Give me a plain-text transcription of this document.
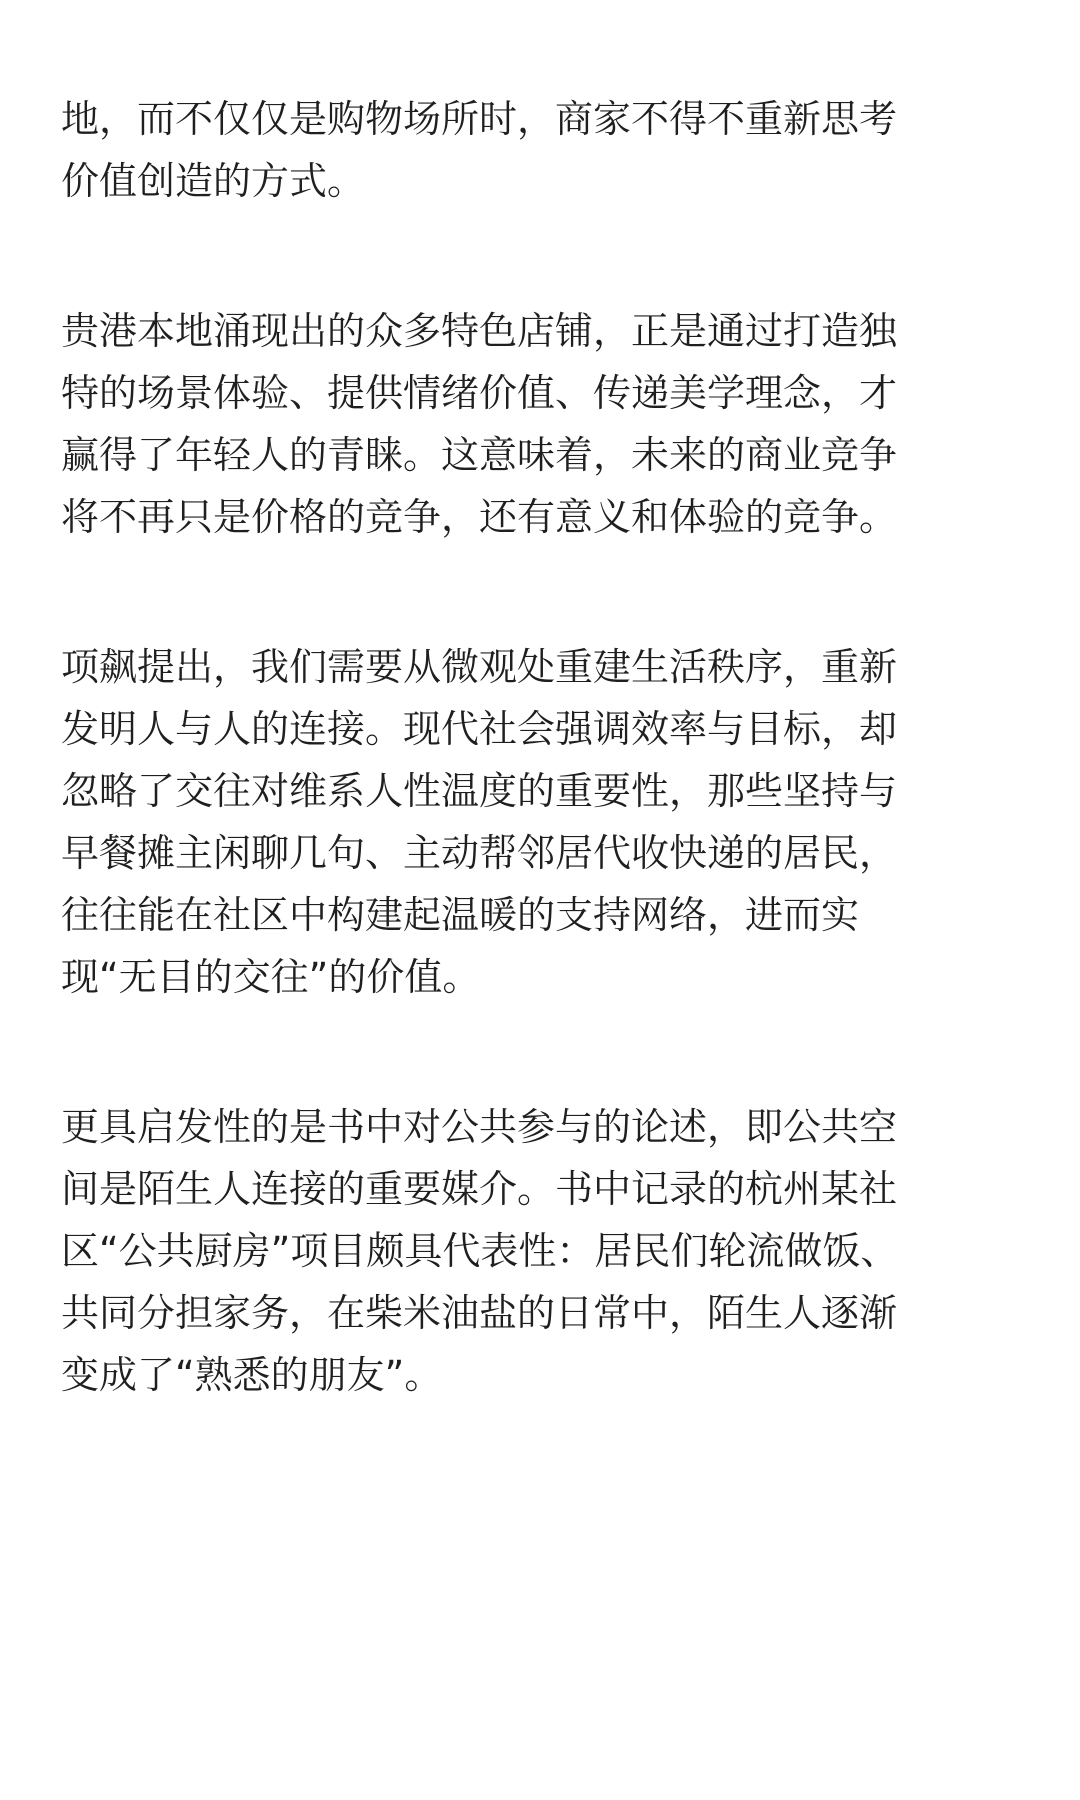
地，而不仅仅是购物场所时，商家不得不重新思考
价值创造的方式。
贵港本地涌现出的众多特色店铺，正是通过打造独
特的场景体验、提供情绪价值、传递美学理念，才
赢得了年轻人的青睐。这意味着，未来的商业竞争
将不再只是价格的竞争，还有意义和体验的竞争。
项飙提出，我们需要从微观处重建生活秩序，重新
发明人与人的连接。现代社会强调效率与目标，却
忽略了交往对维系人性温度的重要性，那些坚持与
早餐摊主闲聊几句、主动帮邻居代收快递的居民，
往往能在社区中构建起温暖的支持网络，进而实
现“无目的交往”的价值。
更具启发性的是书中对公共参与的论述，即公共空
间是陌生人连接的重要媒介。书中记录的杭州某社
区“公共厨房”项目颇具代表性：居民们轮流做饭、
共同分担家务，在柴米油盐的日常中，陌生人逐渐
变成了“熟悉的朋友”。
